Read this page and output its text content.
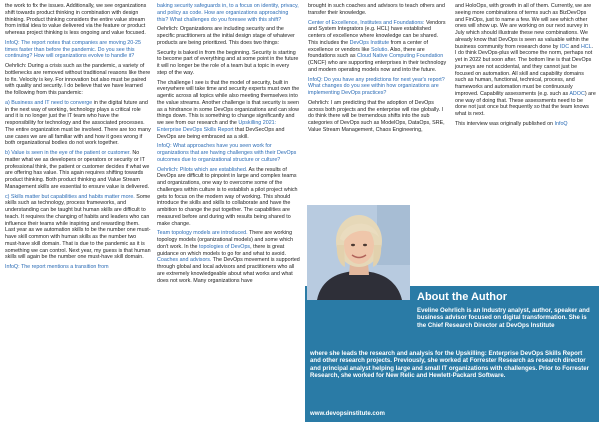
the work to fix the issues. Additionally, we see organizations shift towards product thinking in combination with design thinking. Product thinking considers the entire value stream from initial idea to value delivered via the feature or product whereas project thinking is less ongoing and value focused.

InfoQ: The report notes that companies are moving 20-25 times faster than before the pandemic. Do you see this continuing? How will organizations evolve to handle it?

Oehrlich: During a crisis such as the pandemic, a variety of bottlenecks are removed without traditional reasons like there to fix. Velocity is key. For innovation but also must be paired with quality and security. I do believe that we have learned the following from this pandemic:

a) Business and IT need to converge in the digital future and in the next way of working, technology plays a critical role and it is no longer just the IT team who have the responsibility for technology and the associated processes. The entire organization must be involved. There are too many use cases we are all familiar with and how it goes wrong if both organizational bodies do not work together.

b) Value is seen in the eye of the patient or customer. No matter what we as developers or operators or security or IT professional think, the patient or customer decides if what we are offering has value. This again requires shifting towards product thinking. Both product thinking and Value Stream Management skills are essential to ensure value is delivered.

c) Skills matter but capabilities and habits matter more. Some skills such as technology, process frameworks, and understanding can be taught but human skills are difficult to teach. It requires the changing of habits and leaders who can influence their teams while inspiring and rewarding them. Last year as we automation skills to be the number one must-have skill common with human skills as the number two must-have skill domain. That is due to the pandemic as it is something we can control. Next year, my guess is that human skills will again be the number one must-have skill domain.

InfoQ: The report mentions a transition from

baking security safeguards in, to a focus on identity, privacy, and policy as code. How are organizations approaching this? What challenges do you foresee with this shift?

Oehrlich: Organizations are including security and the specific practitioners at the initial design stage of whatever products are being prioritized. This does two things:

Security is baked in from the beginning. Security is starting to become part of everything and at some point in the future it will no longer be the role of a team but a topic in every step of the way.

The challenge I see is that the model of security, built in everywhere will take time and security experts must own the agentic across all topics while also meeting themselves into the value streams. Another challenge is that security is seen as a hindrance in some DevOps organizations and can slow things down. This is something to change significantly and we see from our research and the Upskilling 2021: Enterprise DevOps Skills Report that DevSecOps and DevOps are being embraced as a skill.

InfoQ: What approaches have you seen work for organizations that are having challenges with their DevOps outcomes due to organizational structure or culture?

Oehrlich: Pilots which are established. As the results of DevOps are difficult to pinpoint in large and complex teams and organizations, one way to overcome some of the challenges within culture is to establish a pilot project which gets to focus on the modern way of working. This should introduce the skills and skills to collaborate and have the ambition to change the put together. The capabilities are measured before and during with results being shared to make change.

Team topology models are introduced. There are working topology models (organizational models) and some which don't work. In the topologies of DevOps, there is great guidance on which models to go for and what to avoid. Coaches and advisors. The DevOps movement is supported through global and local advisors and practitioners who all are extremely knowledgeable about what works and what does not work. Many organizations have

brought in such coaches and advisors to teach others and transfer their knowledge.

Center of Excellence, Institutes and Foundations: Vendors and System Integrators (e.g. HCL) have established centers of excellence where knowledge can be shared. This includes the DevOps Institute from a center of excellence or vendors like Solutio. Also, there are foundations such as Cloud Native Computing Foundation (CNCF) who are supporting enterprises in their technology and modern operating models now and into the future.

InfoQ: Do you have any predictions for next year's report? What changes do you see within how organizations are implementing DevOps practices?

Oehrlich: I am predicting that the adoption of DevOps across both projects and the enterprise will rise globally. I do think there will be tremendous shifts into the sub categories of DevOps such as ModelOps, DataOps, SRE, Value Stream Management, Chaos Engineering,

and HoloOps, with growth in all of them. Currently, we are seeing more combinations of terms such as BizDevOps and FinOps, just to name a few. We will see which other ones will show up. We are working on our next survey in July which should illustrate these new combinations. We already know that DevOps is seen as valuable within the business community from research done by IDC and HCL. I do think DevOps-plus will become the norm, perhaps not yet in 2022 but soon after. The bottom line is that DevOps journeys are not accidental, and they cannot just be focused on automation. All skill and capability domains such as human, functional, technical, process, and frameworks and automation must be continuously improved. Capability assessments (e.g. such as ADOC) are one way of doing that. These assessments need to be done not just once but frequently so that the team knows what is next.

This interview was originally published on InfoQ

About the Author
Eveline Oehrlich is an Industry analyst, author, speaker and business advisor focused on digital transformation. She is the Chief Research Director at DevOps Institute
where she leads the research and analysis for the Upskilling: Enterprise DevOps Skills Report and other research projects. Previously, she worked at Forrester Research as research director and principal analyst helping large and small IT organizations with challenges. Prior to Forrester Research, she worked for New Relic and Hewlett-Packard Software.
www.devopsinstitute.com
